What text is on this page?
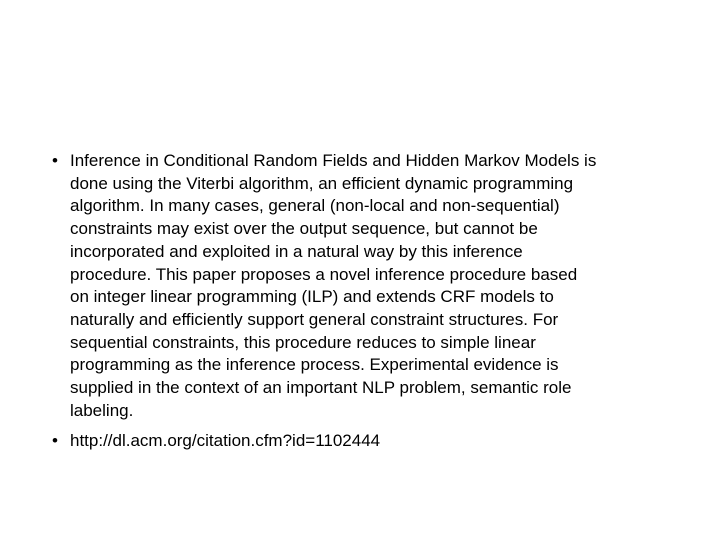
• Inference in Conditional Random Fields and Hidden Markov Models is
done using the Viterbi algorithm, an efficient dynamic programming
algorithm. In many cases, general (non-local and non-sequential)
constraints may exist over the output sequence, but cannot be
incorporated and exploited in a natural way by this inference
procedure. This paper proposes a novel inference procedure based
on integer linear programming (ILP) and extends CRF models to
naturally and efficiently support general constraint structures. For
sequential constraints, this procedure reduces to simple linear
programming as the inference process. Experimental evidence is
supplied in the context of an important NLP problem, semantic role
labeling.
• http://dl.acm.org/citation.cfm?id=1102444
